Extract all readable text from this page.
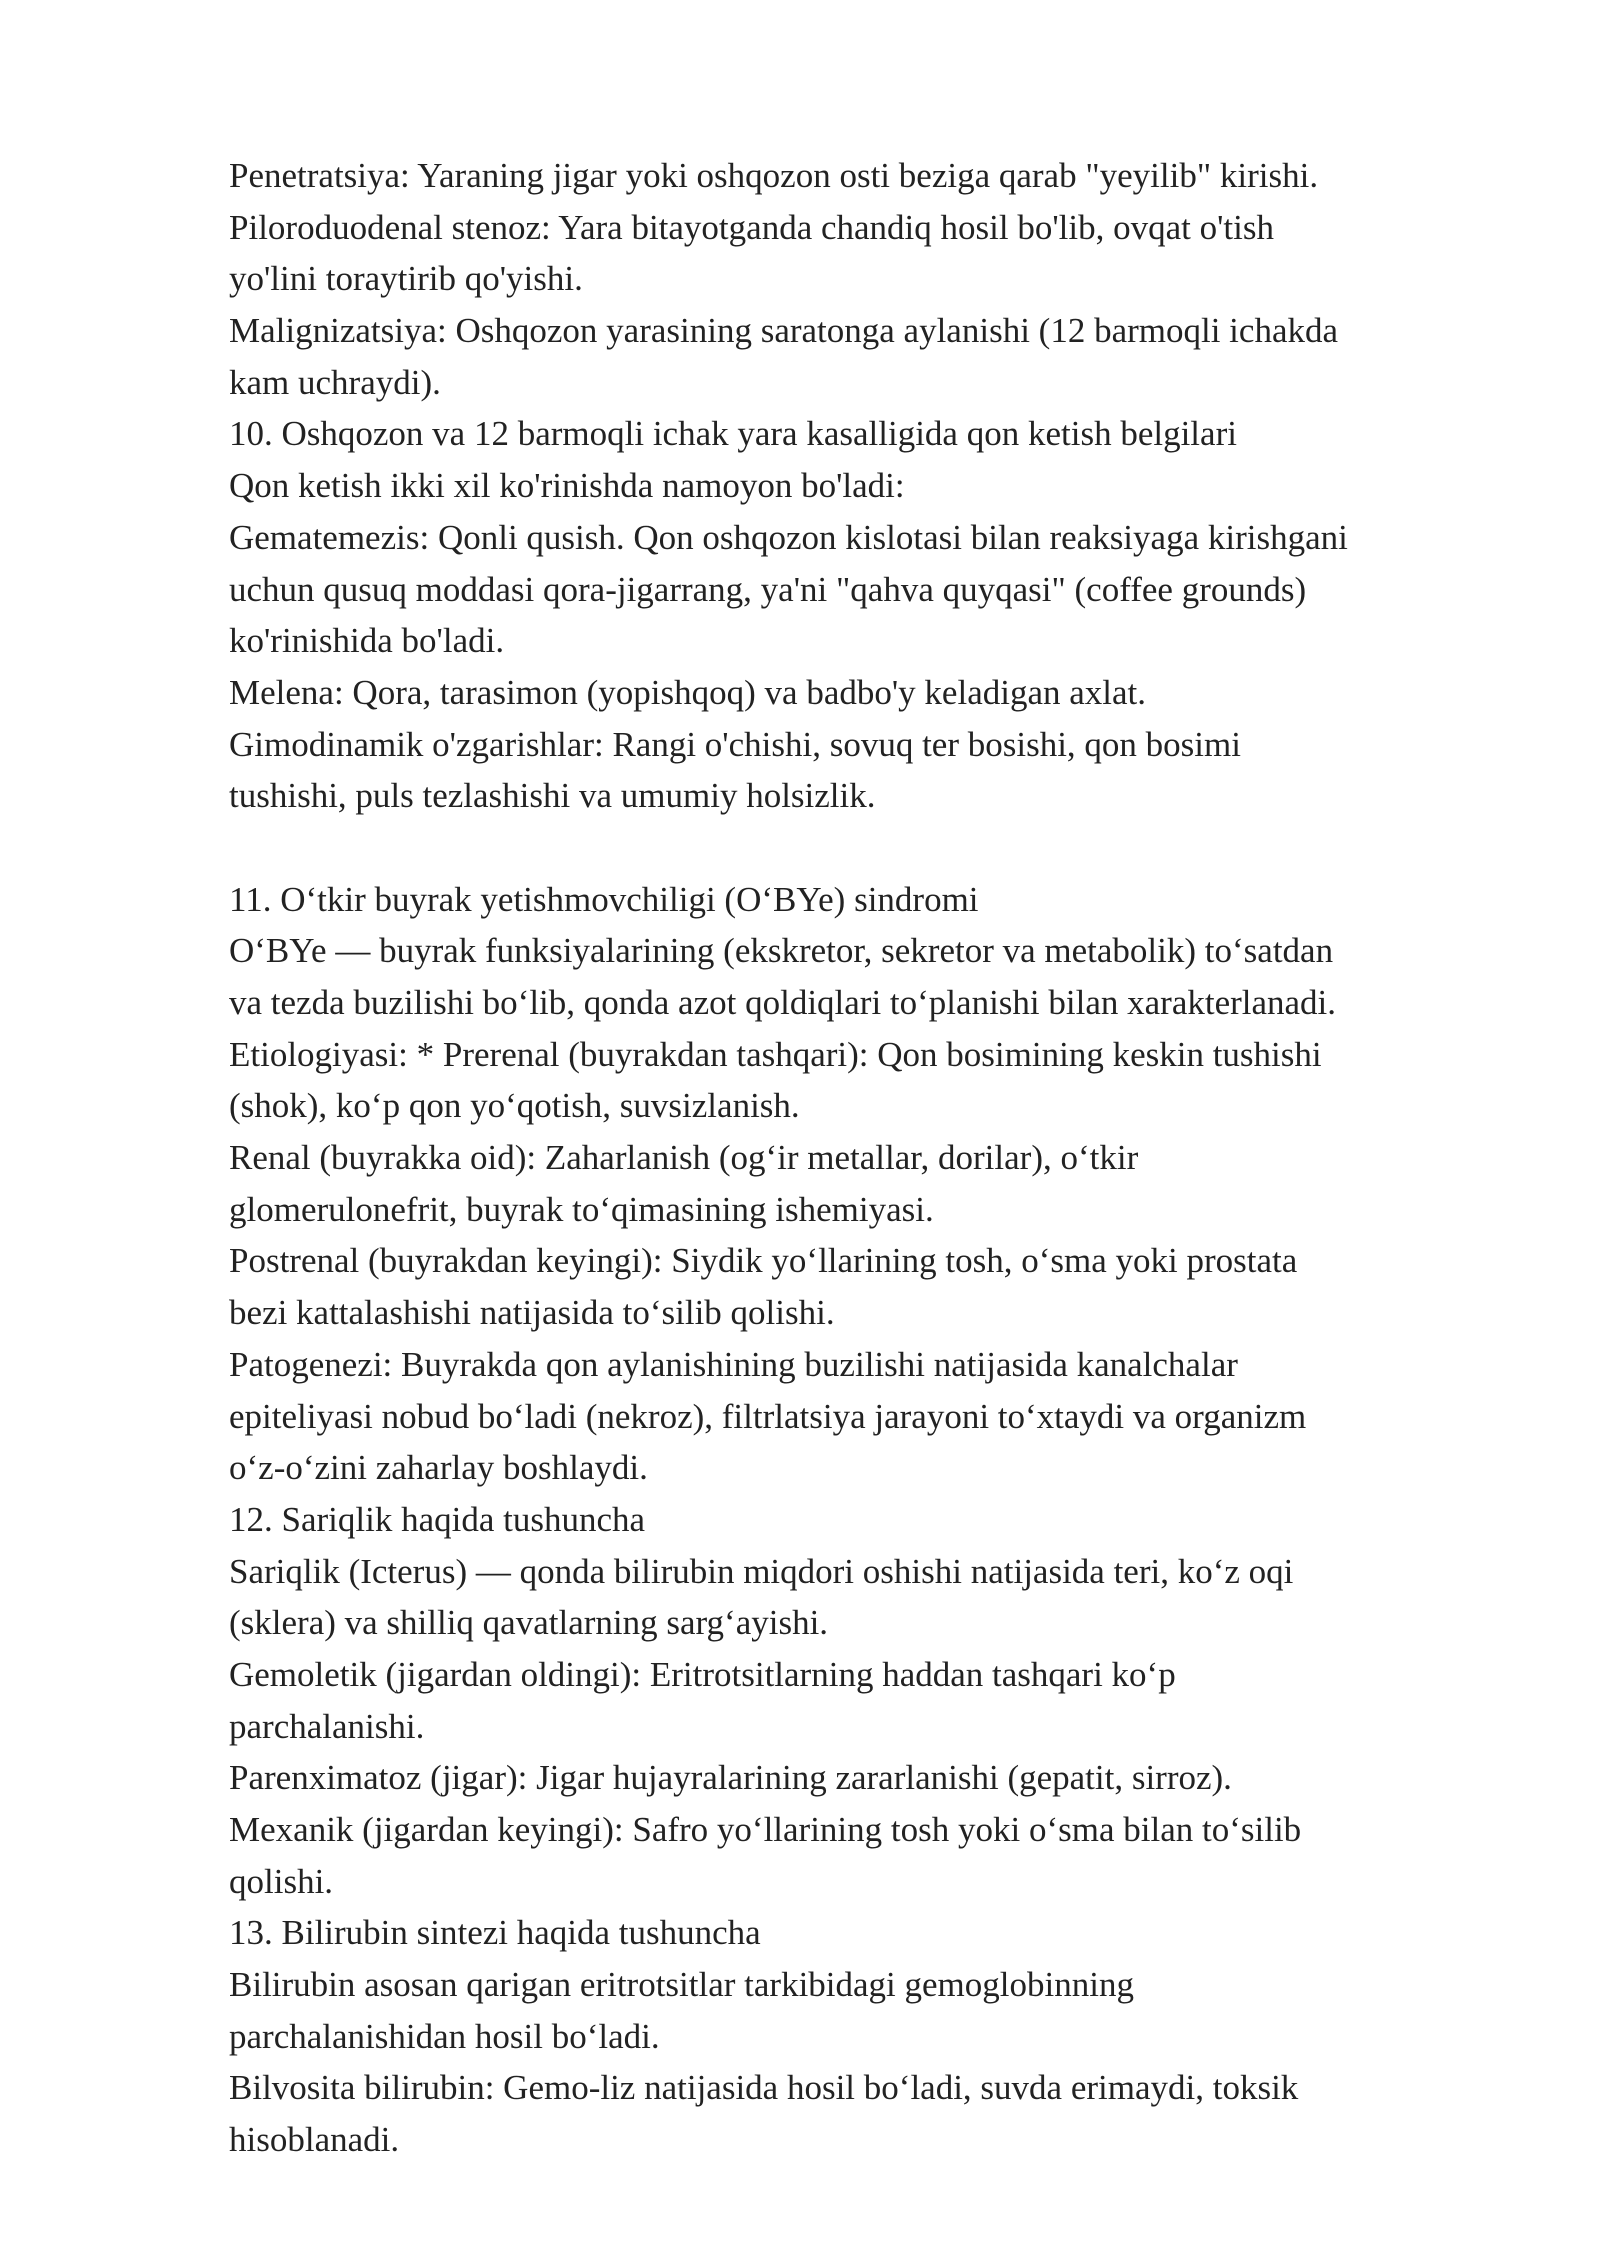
Penetratsiya: Yaraning jigar yoki oshqozon osti beziga qarab "yeyilib" kirishi.
Piloroduodenal stenoz: Yara bitayotganda chandiq hosil bo'lib, ovqat o'tish
yo'lini toraytirib qo'yishi.
Malignizatsiya: Oshqozon yarasining saratonga aylanishi (12 barmoqli ichakda
kam uchraydi).
10. Oshqozon va 12 barmoqli ichak yara kasalligida qon ketish belgilari
Qon ketish ikki xil ko'rinishda namoyon bo'ladi:
Gematemezis: Qonli qusish. Qon oshqozon kislotasi bilan reaksiyaga kirishgani
uchun qusuq moddasi qora-jigarrang, ya'ni "qahva quyqasi" (coffee grounds)
ko'rinishida bo'ladi.
Melena: Qora, tarasimon (yopishqoq) va badbo'y keladigan axlat.
Gimodinamik o'zgarishlar: Rangi o'chishi, sovuq ter bosishi, qon bosimi
tushishi, puls tezlashishi va umumiy holsizlik.
11. O‘tkir buyrak yetishmovchiligi (O‘BYe) sindromi
O‘BYe — buyrak funksiyalarining (ekskretor, sekretor va metabolik) to‘satdan
va tezda buzilishi bo‘lib, qonda azot qoldiqlari to‘planishi bilan xarakterlanadi.
Etiologiyasi: * Prerenal (buyrakdan tashqari): Qon bosimining keskin tushishi
(shok), ko‘p qon yo‘qotish, suvsizlanish.
Renal (buyrakka oid): Zaharlanish (og‘ir metallar, dorilar), o‘tkir
glomerulonefrit, buyrak to‘qimasining ishemiyasi.
Postrenal (buyrakdan keyingi): Siydik yo‘llarining tosh, o‘sma yoki prostata
bezi kattalashishi natijasida to‘silib qolishi.
Patogenezi: Buyrakda qon aylanishining buzilishi natijasida kanalchalar
epiteliyasi nobud bo‘ladi (nekroz), filtrlatsiya jarayoni to‘xtaydi va organizm
o‘z-o‘zini zaharlay boshlaydi.
12. Sariqlik haqida tushuncha
Sariqlik (Icterus) — qonda bilirubin miqdori oshishi natijasida teri, ko‘z oqi
(sklera) va shilliq qavatlarning sarg‘ayishi.
Gemoletik (jigardan oldingi): Eritrotsitlarning haddan tashqari ko‘p
parchalanishi.
Parenximatoz (jigar): Jigar hujayralarining zararlanishi (gepatit, sirroz).
Mexanik (jigardan keyingi): Safro yo‘llarining tosh yoki o‘sma bilan to‘silib
qolishi.
13. Bilirubin sintezi haqida tushuncha
Bilirubin asosan qarigan eritrotsitlar tarkibidagi gemoglobinning
parchalanishidan hosil bo‘ladi.
Bilvosita bilirubin: Gemo-liz natijasida hosil bo‘ladi, suvda erimaydi, toksik
hisoblanadi.
